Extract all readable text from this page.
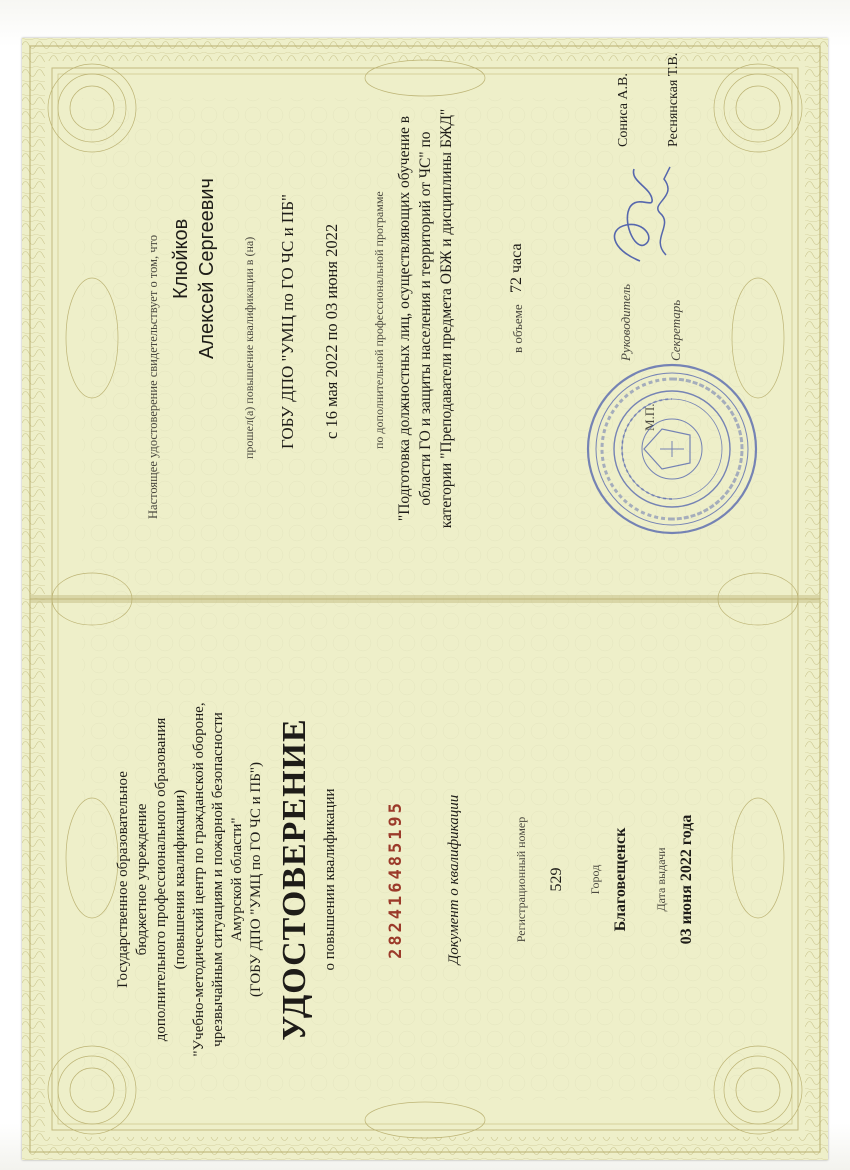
Государственное образовательное бюджетное учреждение дополнительного профессионального образования (повышения квалификации) "Учебно-методический центр по гражданской обороне, чрезвычайным ситуациям и пожарной безопасности Амурской области" (ГОБУ ДПО "УМЦ по ГО ЧС и ПБ") УДОСТОВЕРЕНИЕ о повышении квалификации	282416485195	Документ о квалификации	Регистрационный номер 529 Город Благовещенск Дата выдачи 03 июня 2022 года
Настоящее удостоверение свидетельствует о том, что Клюйков Алексей Сергеевич прошел(а) повышение квалификации в (на) ГОБУ ДПО "УМЦ по ГО ЧС и ПБ" с 16 мая 2022 по 03 июня 2022	по дополнительной профессиональной программе "Подготовка должностных лиц, осуществляющих обучение в области ГО и защиты населения и территорий от ЧС" по категории "Преподаватели предмета ОБЖ и дисциплины БЖД"	в объеме
72 часа
Руководитель
Сониса А.В.
Секретарь
Реснянская Т.В.
М.П.
